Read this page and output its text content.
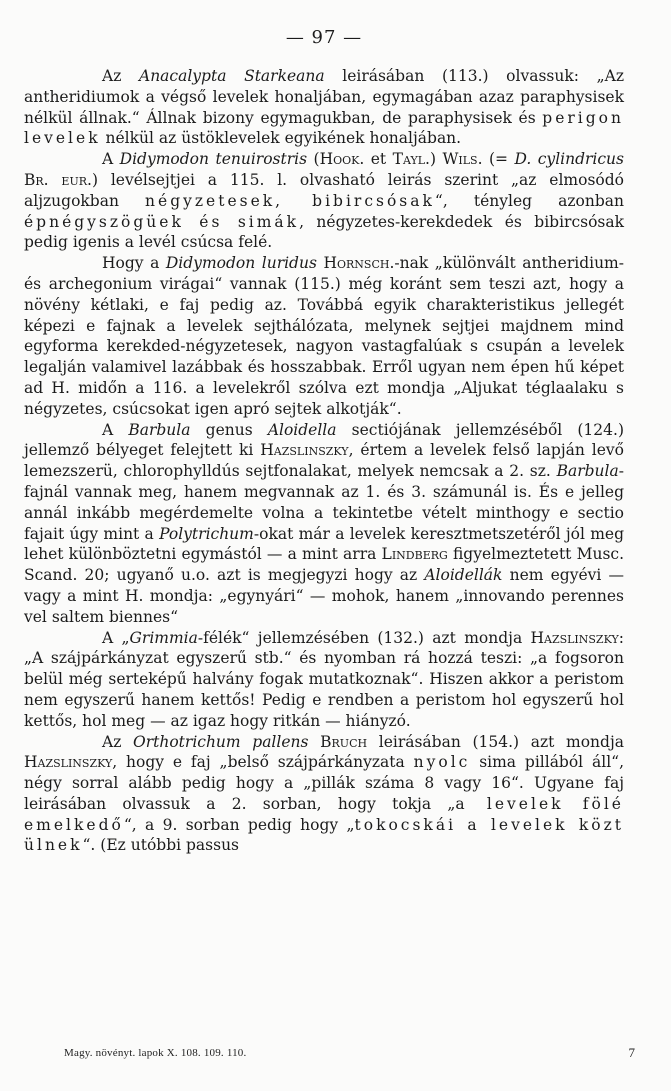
— 97 —

Az Anacalypta Starkeana leirásában (113.) olvassuk: „Az antheridiumok a végső levelek honaljában, egymagában azaz paraphysisek nélkül állnak.“ Állnak bizony egymagukban, de paraphysisek és perigon levelek nélkül az üstöklevelek egyikének honaljában.

A Didymodon tenuirostris (Hook. et Tayl.) Wils. (= D. cylindricus Br. eur.) levélsejtjei a 115. l. olvasható leirás szerint „az elmosódó aljzugokban négyzetesek, bibircsósak“, tényleg azonban épnégyszögüek és simák, négyzetes-kerekdedek és bibircsósak pedig igenis a levél csúcsa felé.

Hogy a Didymodon luridus Hornsch.-nak „különvált antheridium- és archegonium virágai“ vannak (115.) még koránt sem teszi azt, hogy a növény kétlaki, e faj pedig az. Továbbá egyik charakteristikus jellegét képezi e fajnak a levelek sejthálózata, melynek sejtjei majdnem mind egyforma kerekded-négyzetesek, nagyon vastagfalúak s csupán a levelek legalján valamivel lazábbak és hosszabbak. Erről ugyan nem épen hű képet ad H. midőn a 116. a levelekről szólva ezt mondja „Aljukat téglaalaku s négyzetes, csúcsokat igen apró sejtek alkotják“.

A Barbula genus Aloidella sectiójának jellemzéséből (124.) jellemző bélyeget felejtett ki Hazslinszky, értem a levelek felső lapján levő lemezszerü, chlorophylldús sejtfonalakat, melyek nemcsak a 2. sz. Barbula-fajnál vannak meg, hanem megvannak az 1. és 3. számunál is. És e jelleg annál inkább megérdemelte volna a tekintetbe vételt minthogy e sectio fajait úgy mint a Polytrichum-okat már a levelek keresztmetszetéről jól meg lehet különböztetni egymástól — a mint arra Lindberg figyelmeztetett Musc. Scand. 20; ugyanő u.o. azt is megjegyzi hogy az Aloidellák nem egyévi — vagy a mint H. mondja: „egynyári“ — mohok, hanem „innovando perennes vel saltem biennes“

A „Grimmia-félék“ jellemzésében (132.) azt mondja Hazslinszky: „A szájpárkányzat egyszerű stb.“ és nyomban rá hozzá teszi: „a fogsoron belül még serteképű halvány fogak mutatkoznak“. Hiszen akkor a peristom nem egyszerű hanem kettős! Pedig e rendben a peristom hol egyszerű hol kettős, hol meg — az igaz hogy ritkán — hiányzó.

Az Orthotrichum pallens Bruch leirásában (154.) azt mondja Hazslinszky, hogy e faj „belső szájpárkányzata nyolc sima pillából áll“, négy sorral alább pedig hogy a „pillák száma 8 vagy 16“. Ugyane faj leirásában olvassuk a 2. sorban, hogy tokja „a levelek fölé emelkedő“, a 9. sorban pedig hogy „tokocskái a levelek közt ülnek“. (Ez utóbbi passus

Magy. növényt. lapok X. 108. 109. 110.	7
